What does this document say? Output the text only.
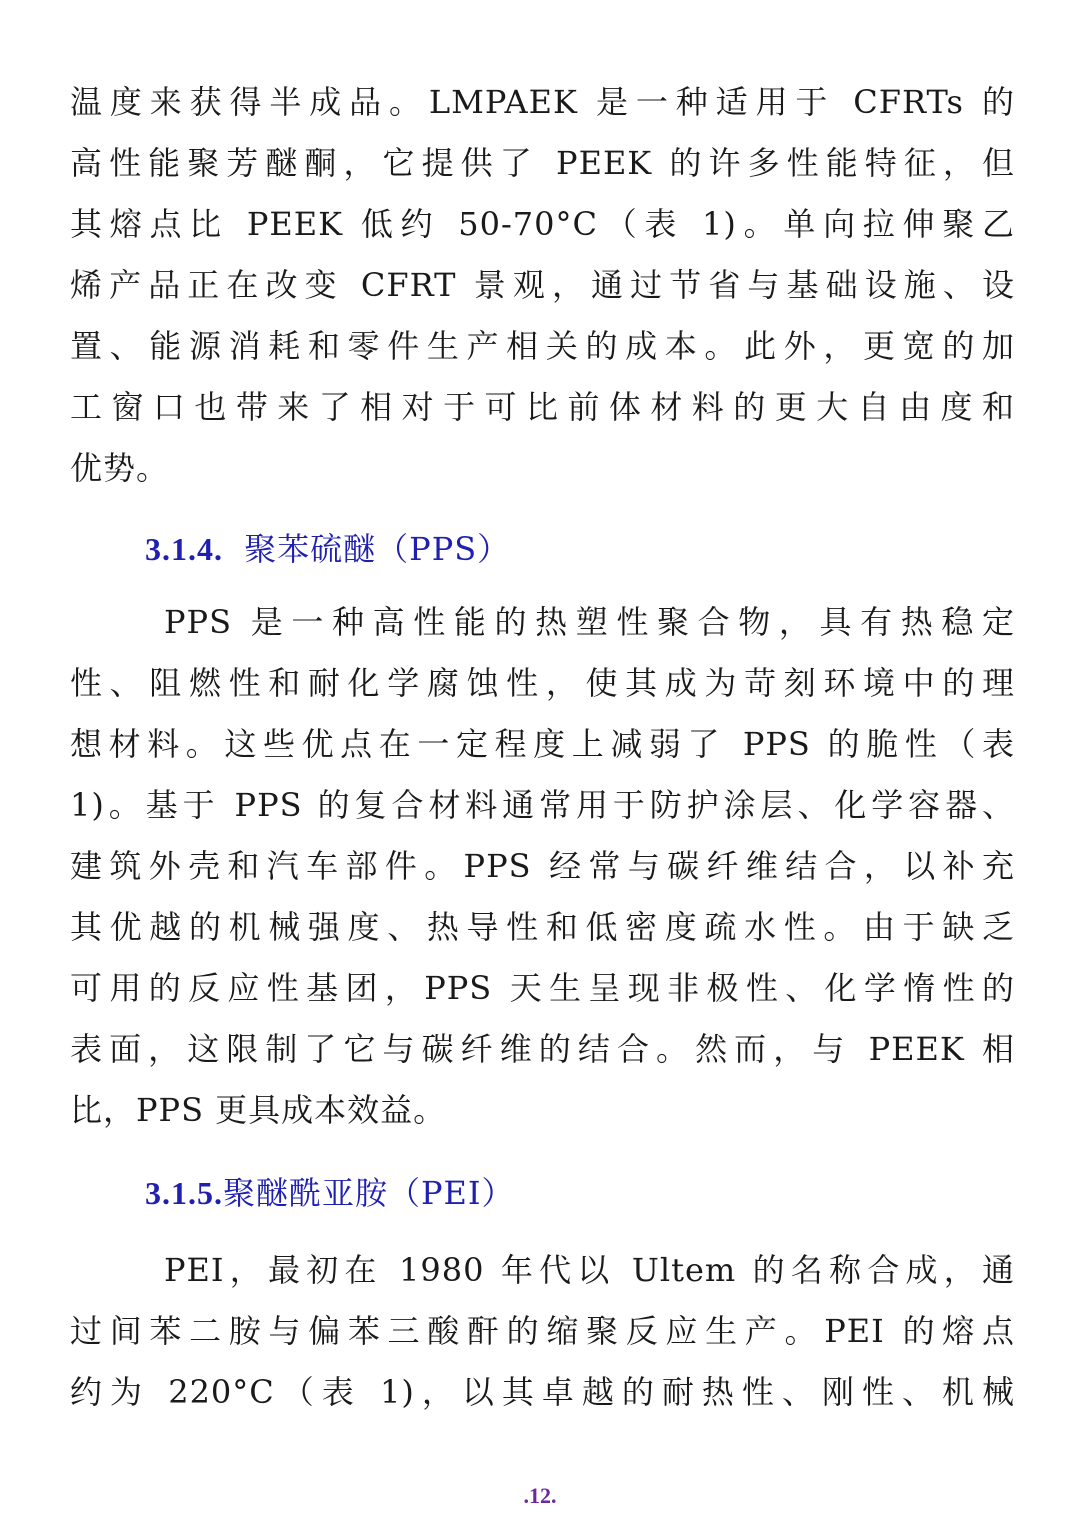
温度来获得半成品。LMPAEK 是一种适用于 CFRTs 的
高性能聚芳醚酮，它提供了 PEEK 的许多性能特征，但
其熔点比 PEEK 低约 50-70°C（表 1)。单向拉伸聚乙
烯产品正在改变 CFRT 景观，通过节省与基础设施、设
置、能源消耗和零件生产相关的成本。此外，更宽的加
工窗口也带来了相对于可比前体材料的更大自由度和
优势。
3.1.4. 聚苯硫醚（PPS）
PPS 是一种高性能的热塑性聚合物，具有热稳定
性、阻燃性和耐化学腐蚀性，使其成为苛刻环境中的理
想材料。这些优点在一定程度上减弱了 PPS 的脆性（表
1)。基于 PPS 的复合材料通常用于防护涂层、化学容器、
建筑外壳和汽车部件。PPS 经常与碳纤维结合，以补充
其优越的机械强度、热导性和低密度疏水性。由于缺乏
可用的反应性基团，PPS 天生呈现非极性、化学惰性的
表面，这限制了它与碳纤维的结合。然而，与 PEEK 相
比，PPS 更具成本效益。
3.1.5.聚醚酰亚胺（PEI）
PEI，最初在 1980 年代以 Ultem 的名称合成，通
过间苯二胺与偏苯三酸酐的缩聚反应生产。PEI 的熔点
约为 220°C（表 1)，以其卓越的耐热性、刚性、机械
.12.
